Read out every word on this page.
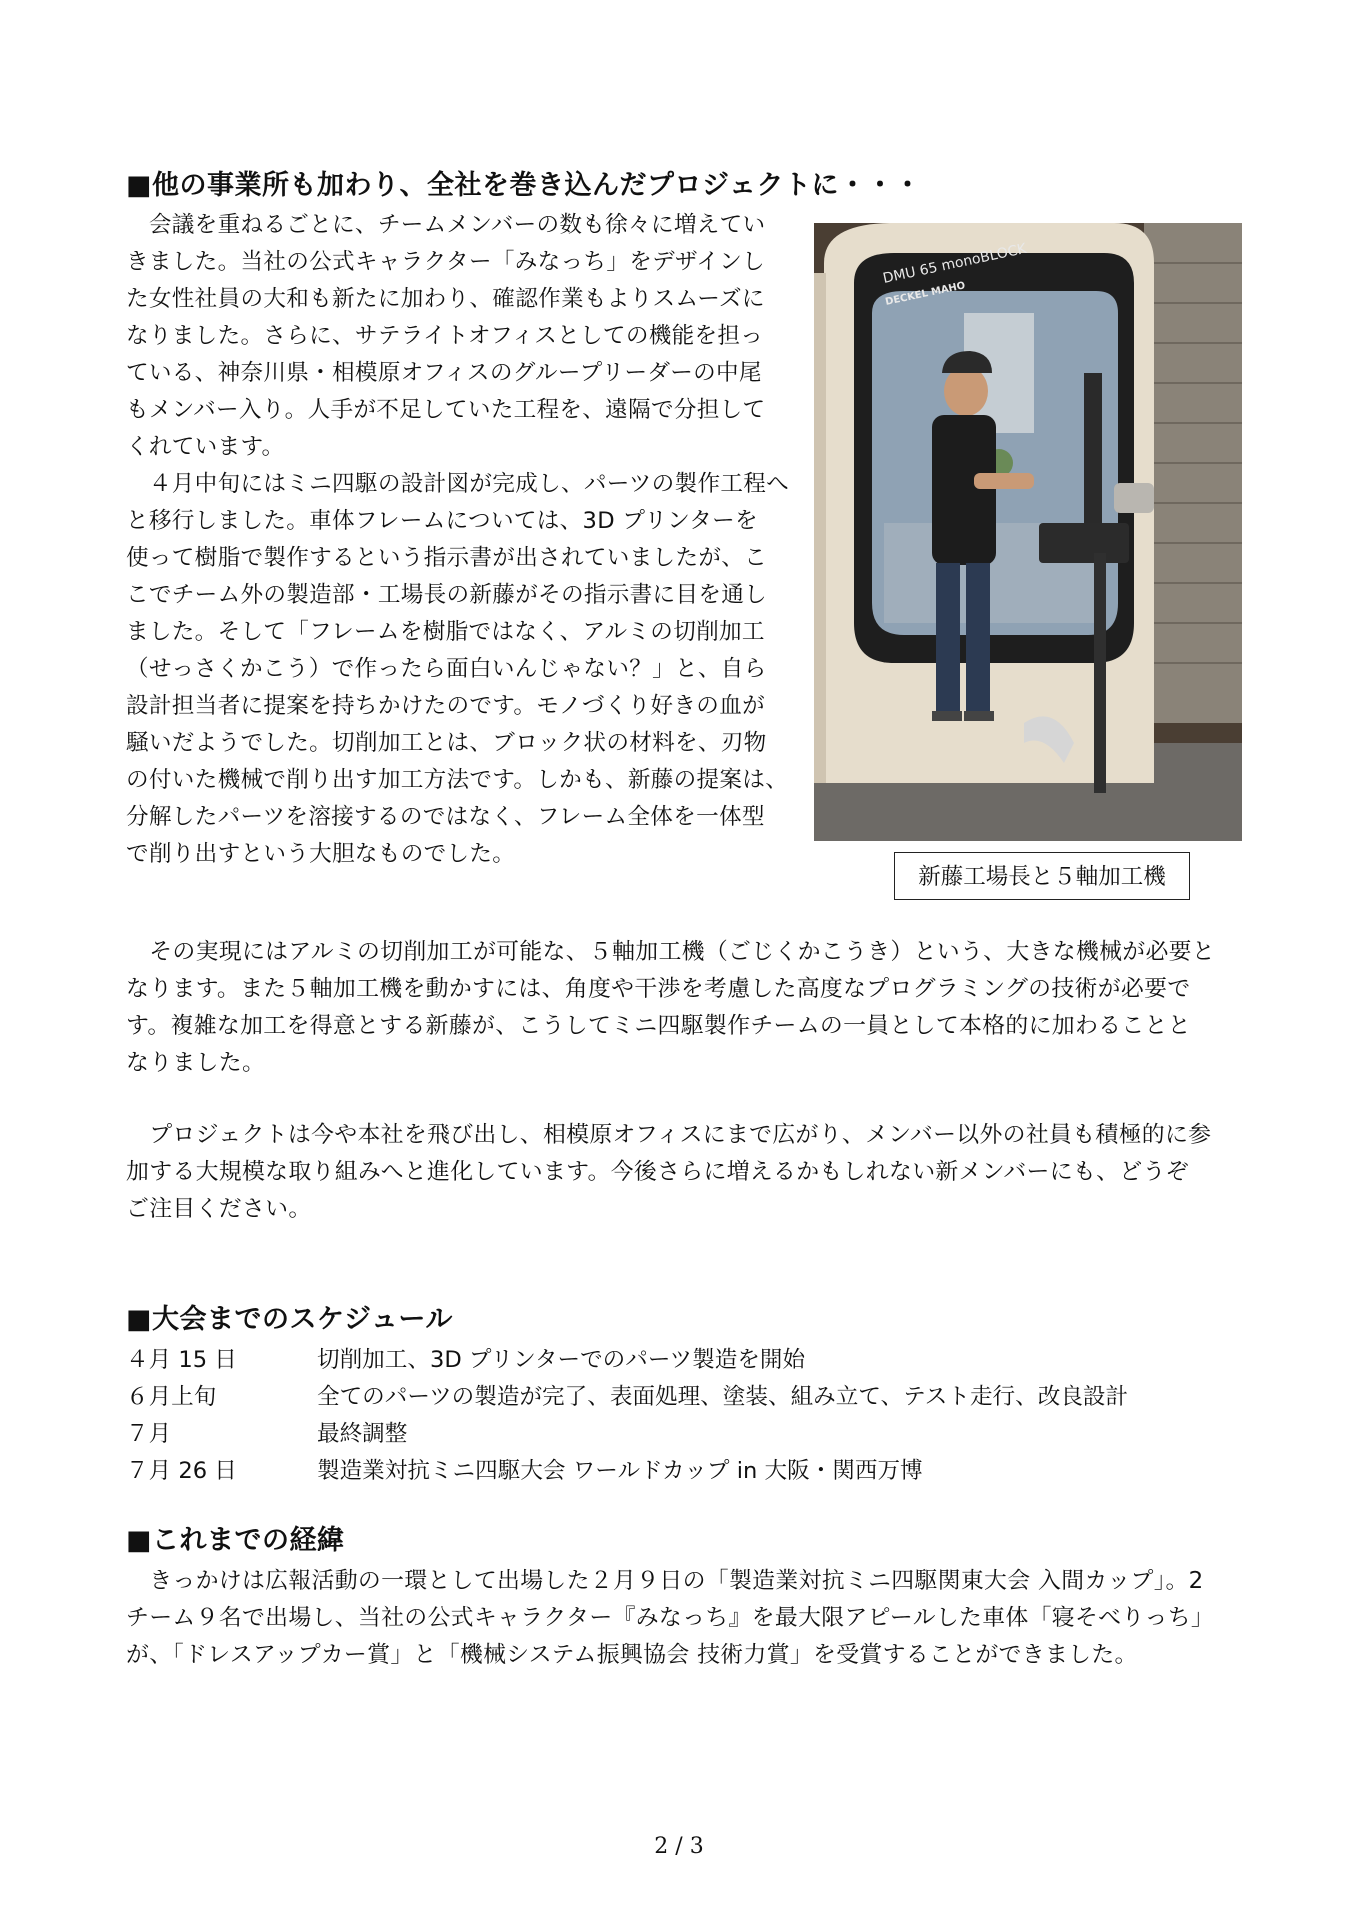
■他の事業所も加わり、全社を巻き込んだプロジェクトに・・・
　会議を重ねるごとに、チームメンバーの数も徐々に増えてい
きました。当社の公式キャラクター「みなっち」をデザインし
た女性社員の大和も新たに加わり、確認作業もよりスムーズに
なりました。さらに、サテライトオフィスとしての機能を担っ
ている、神奈川県・相模原オフィスのグループリーダーの中尾
もメンバー入り。人手が不足していた工程を、遠隔で分担して
くれています。
　４月中旬にはミニ四駆の設計図が完成し、パーツの製作工程へ
と移行しました。車体フレームについては、3D プリンターを
使って樹脂で製作するという指示書が出されていましたが、こ
こでチーム外の製造部・工場長の新藤がその指示書に目を通し
ました。そして「フレームを樹脂ではなく、アルミの切削加工
（せっさくかこう）で作ったら面白いんじゃない？」と、自ら
設計担当者に提案を持ちかけたのです。モノづくり好きの血が
騒いだようでした。切削加工とは、ブロック状の材料を、刃物
の付いた機械で削り出す加工方法です。しかも、新藤の提案は、
分解したパーツを溶接するのではなく、フレーム全体を一体型
で削り出すという大胆なものでした。
DMU 65 monoBLOCK
DECKEL MAHO
新藤工場長と５軸加工機
　その実現にはアルミの切削加工が可能な、５軸加工機（ごじくかこうき）という、大きな機械が必要と
なります。また５軸加工機を動かすには、角度や干渉を考慮した高度なプログラミングの技術が必要で
す。複雑な加工を得意とする新藤が、こうしてミニ四駆製作チームの一員として本格的に加わることと
なりました。
　プロジェクトは今や本社を飛び出し、相模原オフィスにまで広がり、メンバー以外の社員も積極的に参
加する大規模な取り組みへと進化しています。今後さらに増えるかもしれない新メンバーにも、どうぞ
ご注目ください。
■大会までのスケジュール
４月 15 日	切削加工、3D プリンターでのパーツ製造を開始
６月上旬	全てのパーツの製造が完了、表面処理、塗装、組み立て、テスト走行、改良設計
７月	最終調整
７月 26 日	製造業対抗ミニ四駆大会 ワールドカップ in 大阪・関西万博
■これまでの経緯
　きっかけは広報活動の一環として出場した２月９日の「製造業対抗ミニ四駆関東大会 入間カップ」。2
チーム９名で出場し、当社の公式キャラクター『みなっち』を最大限アピールした車体「寝そべりっち」
が、「ドレスアップカー賞」と「機械システム振興協会 技術力賞」を受賞することができました。
2 / 3
